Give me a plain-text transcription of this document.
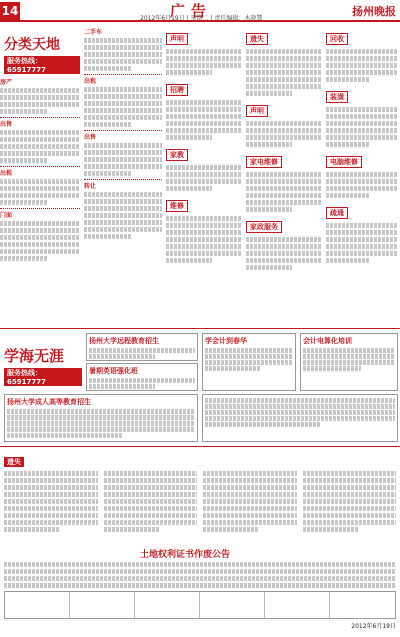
14	广告
2012年6月19日 | 星期二 | 责任编辑：木晓慧
扬州晚报
分类天地
服务热线：65917777
房产
出售
出租
门面
二手车
出租
出售
转让
声明
招聘
家教
维修
遗失
声明
家电维修
家政服务
回收
装潢
电脑维修
疏通
学海无涯
服务热线：65917777
扬州大学远程教育招生
暑期英语强化班
学会计到春华	会计电算化培训
扬州大学成人高等教育招生
遗失
土地权利证书作废公告
2012年6月19日
